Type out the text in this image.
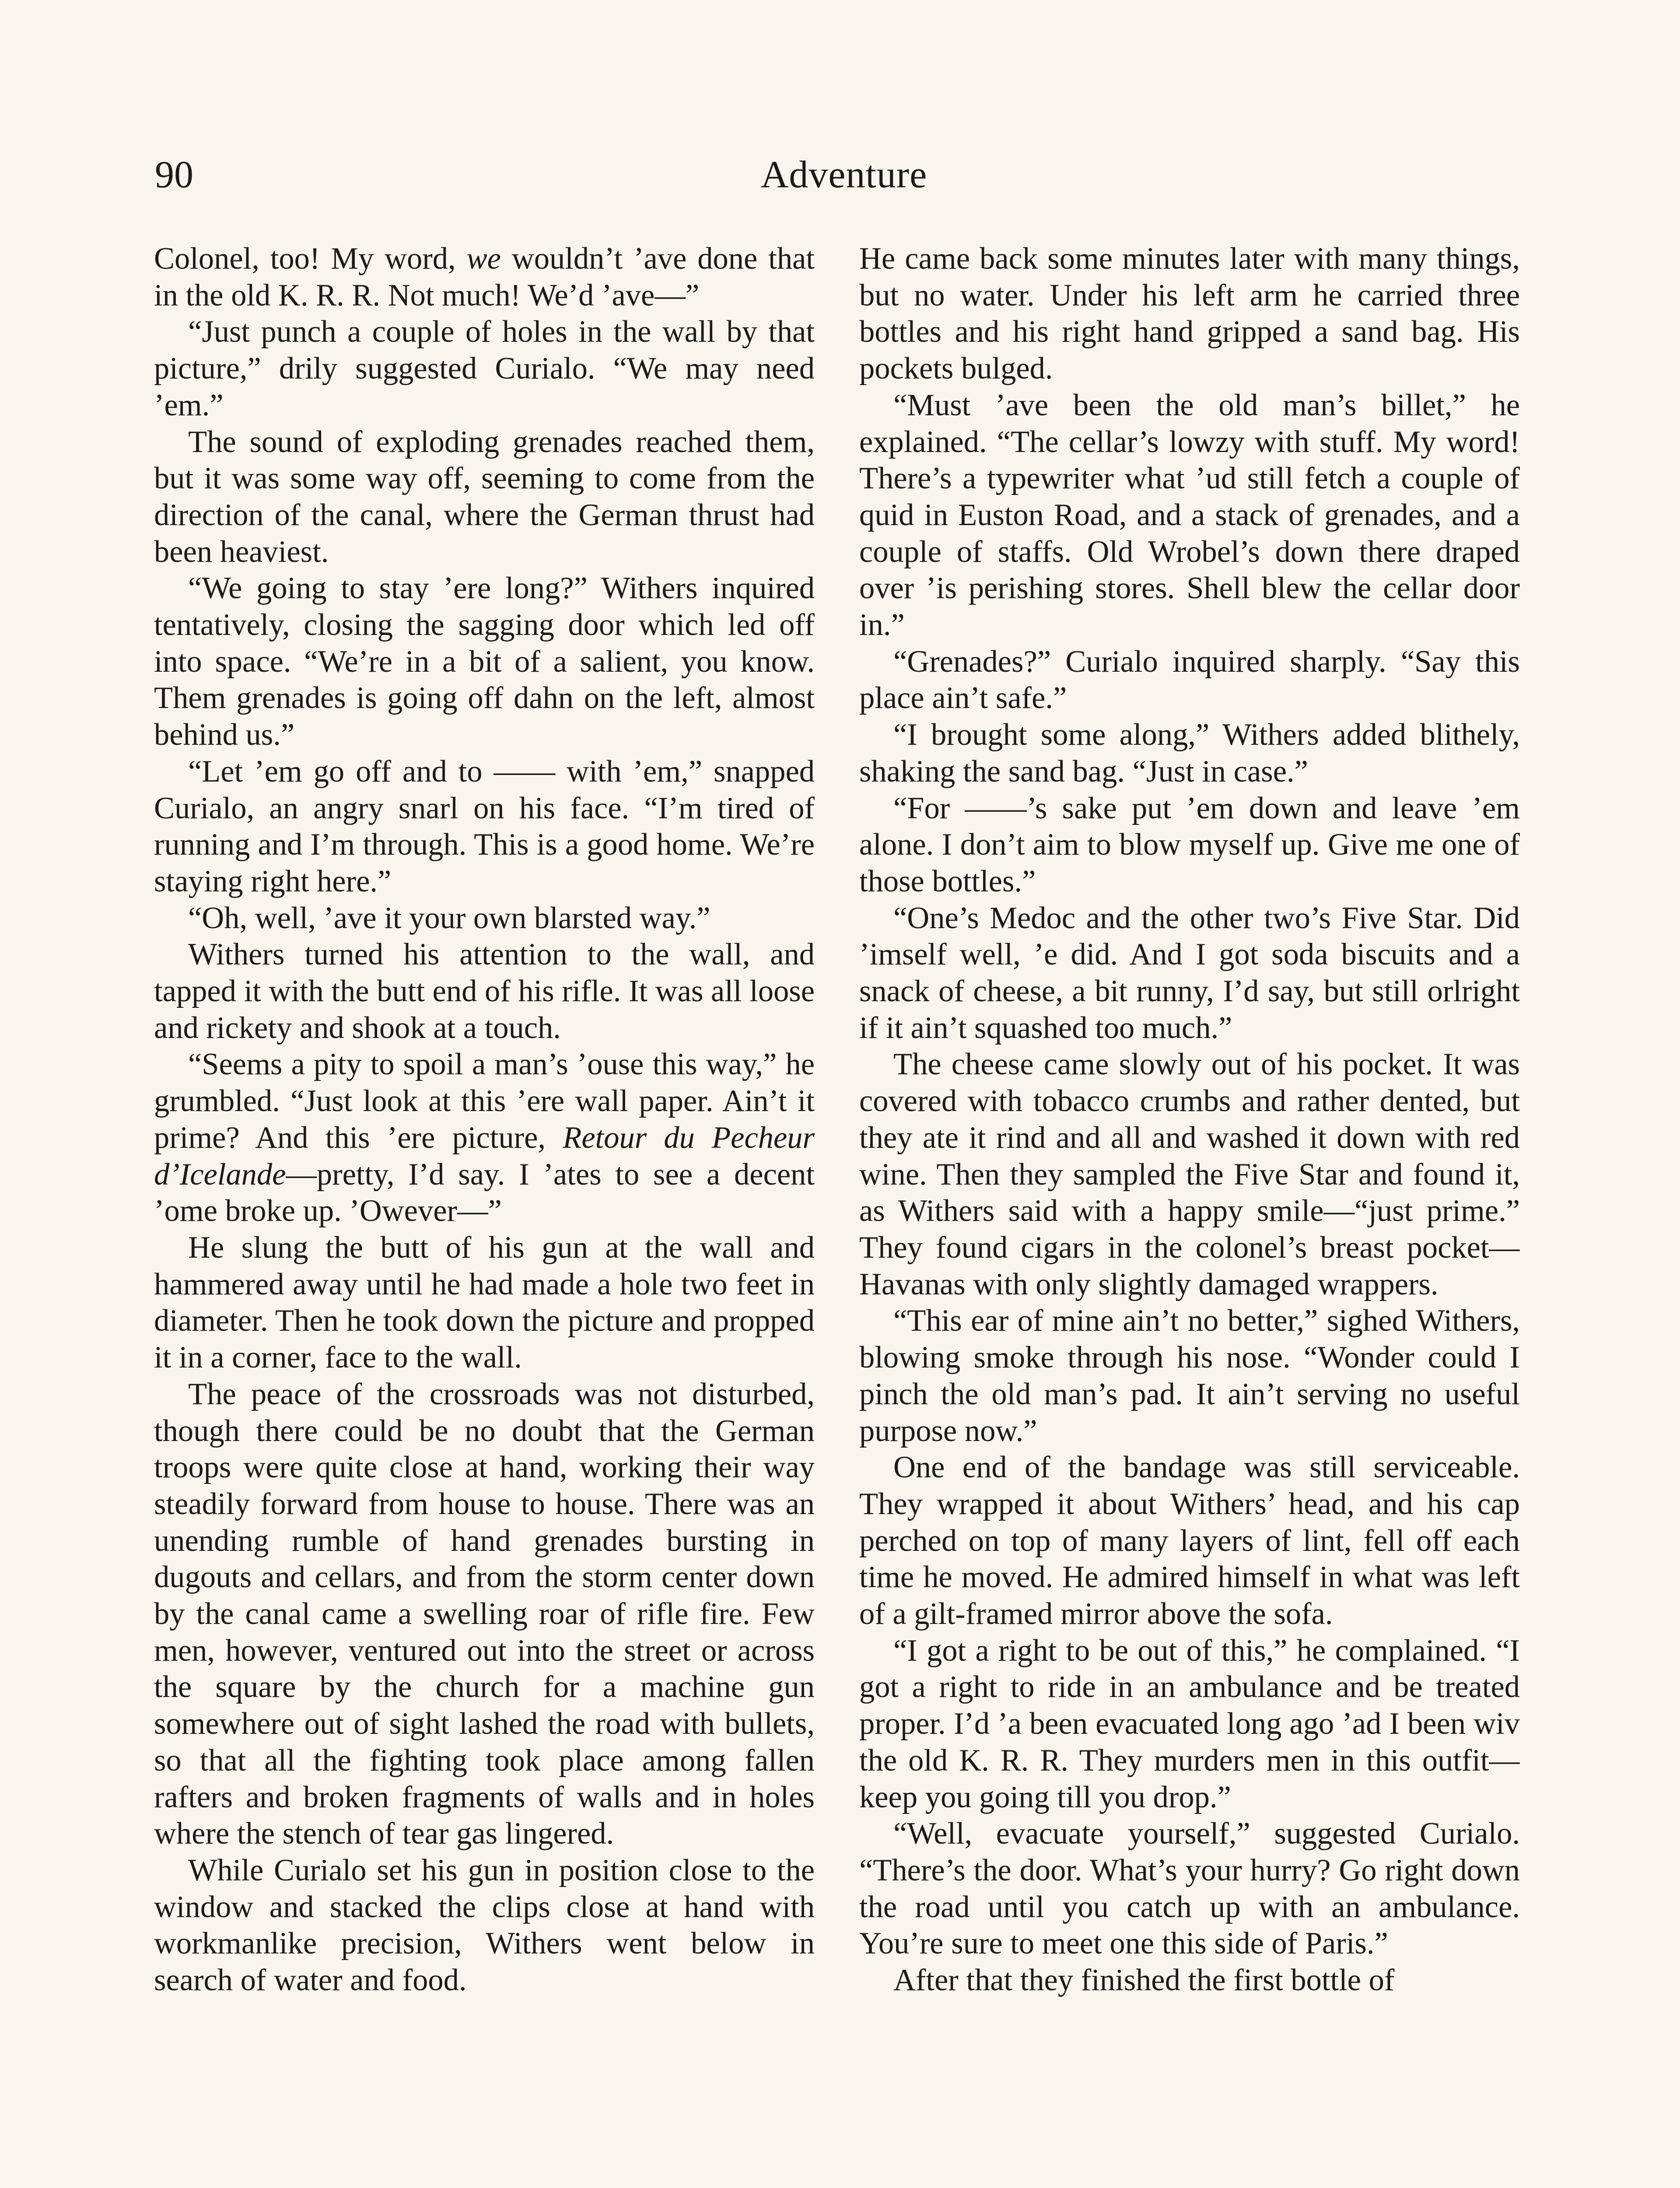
90	Adventure

Colonel, too! My word, we wouldn’t ’ave done that in the old K. R. R. Not much! We’d ’ave—”

“Just punch a couple of holes in the wall by that picture,” drily suggested Curialo. “We may need ’em.”

The sound of exploding grenades reached them, but it was some way off, seeming to come from the direction of the canal, where the German thrust had been heaviest.

“We going to stay ’ere long?” Withers inquired tentatively, closing the sagging door which led off into space. “We’re in a bit of a salient, you know. Them grenades is going off dahn on the left, almost behind us.”

“Let ’em go off and to —— with ’em,” snapped Curialo, an angry snarl on his face. “I’m tired of running and I’m through. This is a good home. We’re staying right here.”

“Oh, well, ’ave it your own blarsted way.”

Withers turned his attention to the wall, and tapped it with the butt end of his rifle. It was all loose and rickety and shook at a touch.

“Seems a pity to spoil a man’s ’ouse this way,” he grumbled. “Just look at this ’ere wall paper. Ain’t it prime? And this ’ere picture, Retour du Pecheur d’Icelande—pretty, I’d say. I ’ates to see a decent ’ome broke up. ’Owever—”

He slung the butt of his gun at the wall and hammered away until he had made a hole two feet in diameter. Then he took down the picture and propped it in a corner, face to the wall.

The peace of the crossroads was not disturbed, though there could be no doubt that the German troops were quite close at hand, working their way steadily forward from house to house. There was an unending rumble of hand grenades bursting in dugouts and cellars, and from the storm center down by the canal came a swelling roar of rifle fire. Few men, however, ventured out into the street or across the square by the church for a machine gun somewhere out of sight lashed the road with bullets, so that all the fighting took place among fallen rafters and broken fragments of walls and in holes where the stench of tear gas lingered.

While Curialo set his gun in position close to the window and stacked the clips close at hand with workmanlike precision, Withers went below in search of water and food.

He came back some minutes later with many things, but no water. Under his left arm he carried three bottles and his right hand gripped a sand bag. His pockets bulged.

“Must ’ave been the old man’s billet,” he explained. “The cellar’s lowzy with stuff. My word! There’s a typewriter what ’ud still fetch a couple of quid in Euston Road, and a stack of grenades, and a couple of staffs. Old Wrobel’s down there draped over ’is perishing stores. Shell blew the cellar door in.”

“Grenades?” Curialo inquired sharply. “Say this place ain’t safe.”

“I brought some along,” Withers added blithely, shaking the sand bag. “Just in case.”

“For ——’s sake put ’em down and leave ’em alone. I don’t aim to blow myself up. Give me one of those bottles.”

“One’s Medoc and the other two’s Five Star. Did ’imself well, ’e did. And I got soda biscuits and a snack of cheese, a bit runny, I’d say, but still orlright if it ain’t squashed too much.”

The cheese came slowly out of his pocket. It was covered with tobacco crumbs and rather dented, but they ate it rind and all and washed it down with red wine. Then they sampled the Five Star and found it, as Withers said with a happy smile—“just prime.” They found cigars in the colonel’s breast pocket—Havanas with only slightly damaged wrappers.

“This ear of mine ain’t no better,” sighed Withers, blowing smoke through his nose. “Wonder could I pinch the old man’s pad. It ain’t serving no useful purpose now.”

One end of the bandage was still serviceable. They wrapped it about Withers’ head, and his cap perched on top of many layers of lint, fell off each time he moved. He admired himself in what was left of a gilt-framed mirror above the sofa.

“I got a right to be out of this,” he complained. “I got a right to ride in an ambulance and be treated proper. I’d ’a been evacuated long ago ’ad I been wiv the old K. R. R. They murders men in this outfit—keep you going till you drop.”

“Well, evacuate yourself,” suggested Curialo. “There’s the door. What’s your hurry? Go right down the road until you catch up with an ambulance. You’re sure to meet one this side of Paris.”

After that they finished the first bottle of
